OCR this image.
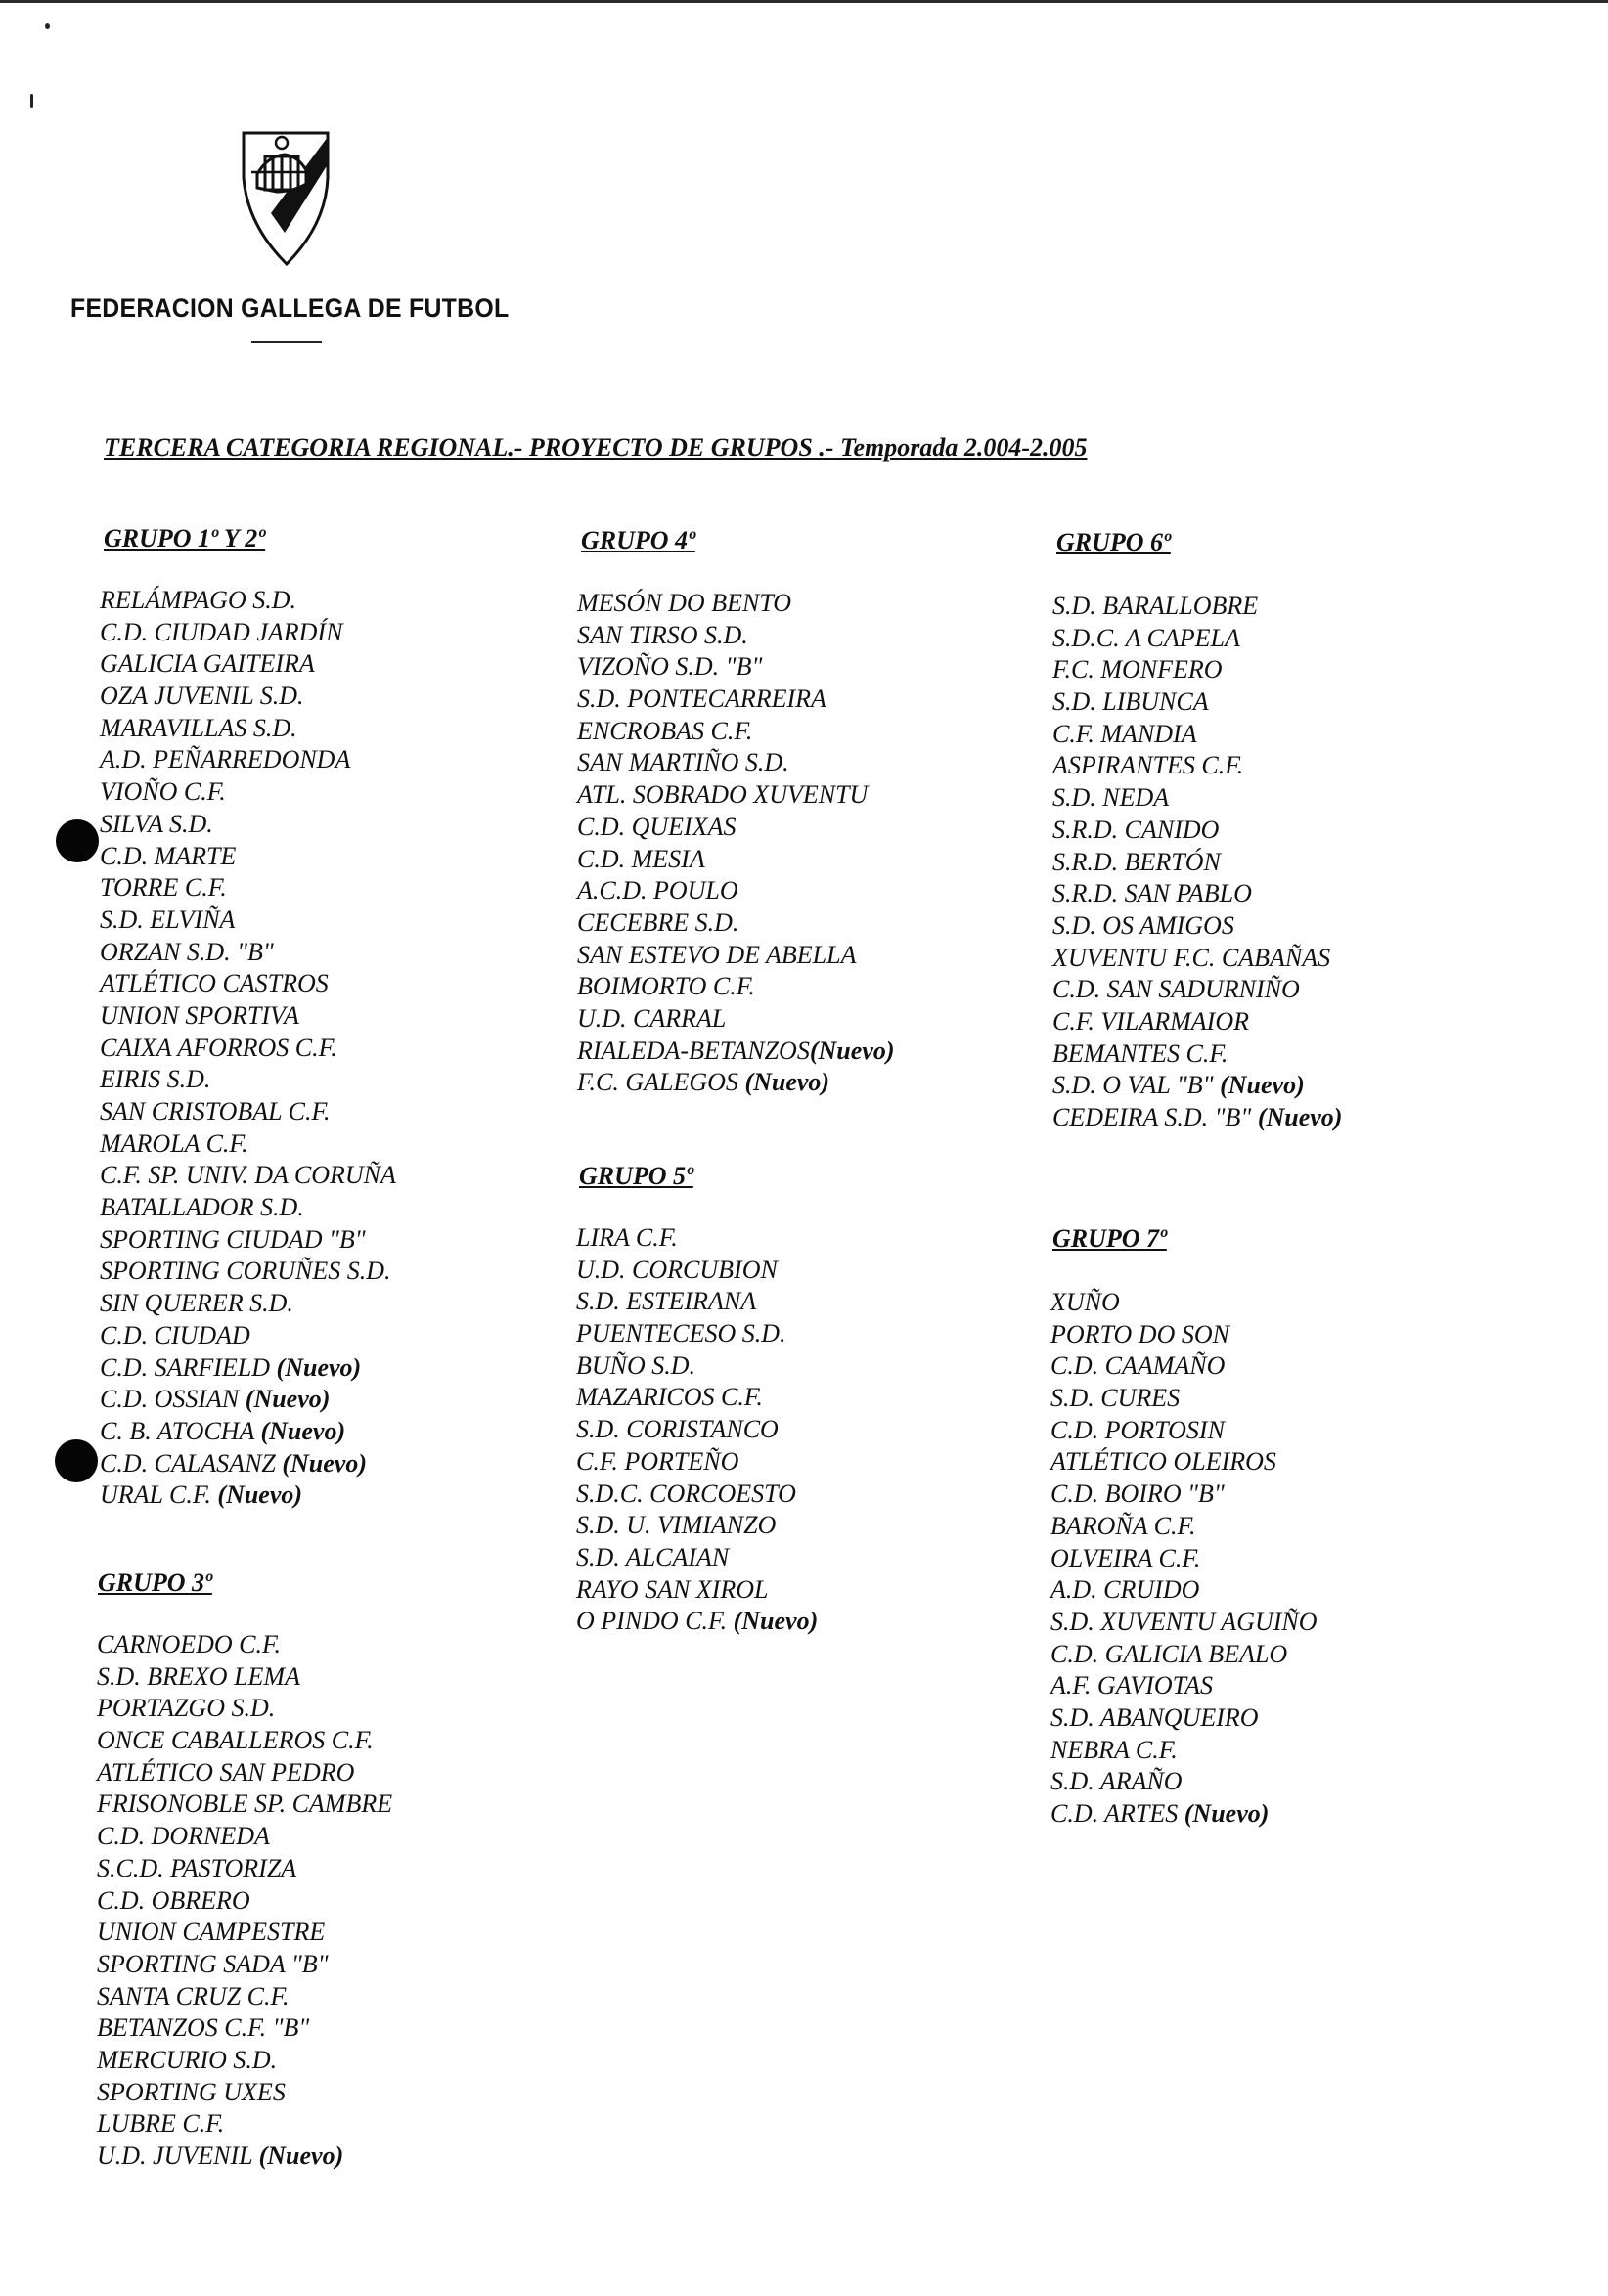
FEDERACION GALLEGA DE FUTBOL
TERCERA CATEGORIA REGIONAL.- PROYECTO DE GRUPOS .- Temporada 2.004-2.005
GRUPO 1º Y 2º
RELÁMPAGO S.D.
C.D. CIUDAD JARDÍN
GALICIA GAITEIRA
OZA JUVENIL S.D.
MARAVILLAS S.D.
A.D. PEÑARREDONDA
VIOÑO C.F.
SILVA S.D.
C.D. MARTE
TORRE C.F.
S.D. ELVIÑA
ORZAN S.D. "B"
ATLÉTICO CASTROS
UNION SPORTIVA
CAIXA AFORROS C.F.
EIRIS S.D.
SAN CRISTOBAL C.F.
MAROLA C.F.
C.F. SP. UNIV. DA CORUÑA
BATALLADOR S.D.
SPORTING CIUDAD "B"
SPORTING CORUÑES S.D.
SIN QUERER S.D.
C.D. CIUDAD
C.D. SARFIELD (Nuevo)
C.D. OSSIAN (Nuevo)
C. B. ATOCHA (Nuevo)
C.D. CALASANZ (Nuevo)
URAL C.F. (Nuevo)
GRUPO 3º
CARNOEDO C.F.
S.D. BREXO LEMA
PORTAZGO S.D.
ONCE CABALLEROS C.F.
ATLÉTICO SAN PEDRO
FRISONOBLE SP. CAMBRE
C.D. DORNEDA
S.C.D. PASTORIZA
C.D. OBRERO
UNION CAMPESTRE
SPORTING SADA "B"
SANTA CRUZ C.F.
BETANZOS C.F. "B"
MERCURIO S.D.
SPORTING UXES
LUBRE C.F.
U.D. JUVENIL (Nuevo)
GRUPO 4º
MESÓN DO BENTO
SAN TIRSO S.D.
VIZOÑO S.D. "B"
S.D. PONTECARREIRA
ENCROBAS C.F.
SAN MARTIÑO S.D.
ATL. SOBRADO XUVENTU
C.D. QUEIXAS
C.D. MESIA
A.C.D. POULO
CECEBRE S.D.
SAN ESTEVO DE ABELLA
BOIMORTO C.F.
U.D. CARRAL
RIALEDA-BETANZOS(Nuevo)
F.C. GALEGOS (Nuevo)
GRUPO 5º
LIRA C.F.
U.D. CORCUBION
S.D. ESTEIRANA
PUENTECESO S.D.
BUÑO S.D.
MAZARICOS C.F.
S.D. CORISTANCO
C.F. PORTEÑO
S.D.C. CORCOESTO
S.D. U. VIMIANZO
S.D. ALCAIAN
RAYO SAN XIROL
O PINDO C.F. (Nuevo)
GRUPO 6º
S.D. BARALLOBRE
S.D.C. A CAPELA
F.C. MONFERO
S.D. LIBUNCA
C.F. MANDIA
ASPIRANTES C.F.
S.D. NEDA
S.R.D. CANIDO
S.R.D. BERTÓN
S.R.D. SAN PABLO
S.D. OS AMIGOS
XUVENTU F.C. CABAÑAS
C.D. SAN SADURNIÑO
C.F. VILARMAIOR
BEMANTES C.F.
S.D. O VAL "B" (Nuevo)
CEDEIRA S.D. "B" (Nuevo)
GRUPO 7º
XUÑO
PORTO DO SON
C.D. CAAMAÑO
S.D. CURES
C.D. PORTOSIN
ATLÉTICO OLEIROS
C.D. BOIRO "B"
BAROÑA C.F.
OLVEIRA C.F.
A.D. CRUIDO
S.D. XUVENTU AGUIÑO
C.D. GALICIA BEALO
A.F. GAVIOTAS
S.D. ABANQUEIRO
NEBRA C.F.
S.D. ARAÑO
C.D. ARTES (Nuevo)
